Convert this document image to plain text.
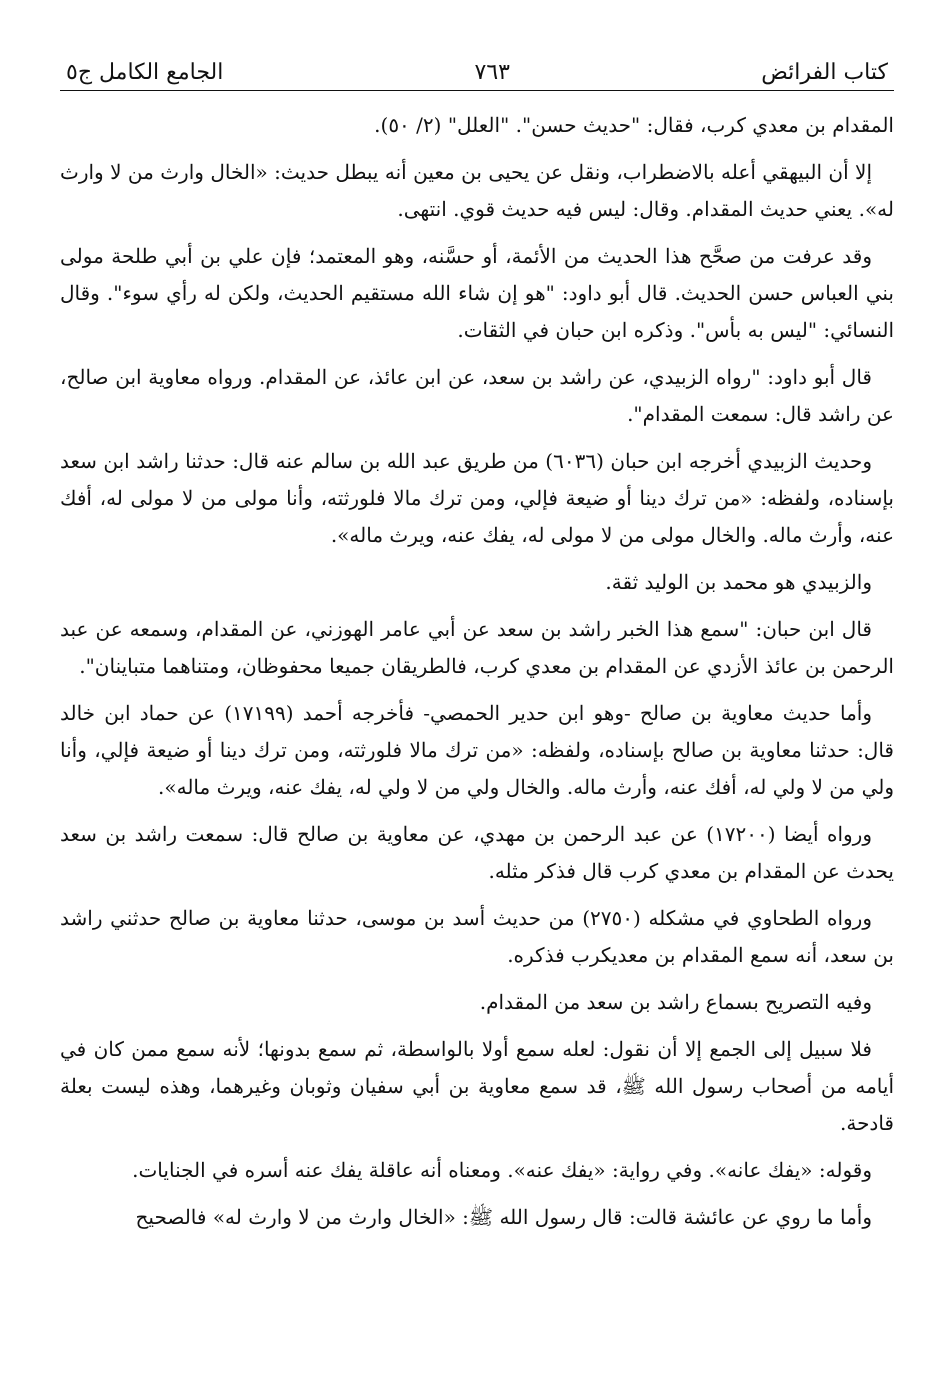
كتاب الفرائض
٧٦٣
الجامع الكامل ج٥

المقدام بن معدي كرب، فقال: "حديث حسن". "العلل" (٢/ ٥٠).

إلا أن البيهقي أعله بالاضطراب، ونقل عن يحيى بن معين أنه يبطل حديث: «الخال وارث من لا وارث له». يعني حديث المقدام. وقال: ليس فيه حديث قوي. انتهى.

وقد عرفت من صحَّح هذا الحديث من الأئمة، أو حسَّنه، وهو المعتمد؛ فإن علي بن أبي طلحة مولى بني العباس حسن الحديث. قال أبو داود: "هو إن شاء الله مستقيم الحديث، ولكن له رأي سوء". وقال النسائي: "ليس به بأس". وذكره ابن حبان في الثقات.

قال أبو داود: "رواه الزبيدي، عن راشد بن سعد، عن ابن عائذ، عن المقدام. ورواه معاوية ابن صالح، عن راشد قال: سمعت المقدام".

وحديث الزبيدي أخرجه ابن حبان (٦٠٣٦) من طريق عبد الله بن سالم عنه قال: حدثنا راشد ابن سعد بإسناده، ولفظه: «من ترك دينا أو ضيعة فإلي، ومن ترك مالا فلورثته، وأنا مولى من لا مولى له، أفك عنه، وأرث ماله. والخال مولى من لا مولى له، يفك عنه، ويرث ماله».

والزبيدي هو محمد بن الوليد ثقة.

قال ابن حبان: "سمع هذا الخبر راشد بن سعد عن أبي عامر الهوزني، عن المقدام، وسمعه عن عبد الرحمن بن عائذ الأزدي عن المقدام بن معدي كرب، فالطريقان جميعا محفوظان، ومتناهما متباينان".

وأما حديث معاوية بن صالح -وهو ابن حدير الحمصي- فأخرجه أحمد (١٧١٩٩) عن حماد ابن خالد قال: حدثنا معاوية بن صالح بإسناده، ولفظه: «من ترك مالا فلورثته، ومن ترك دينا أو ضيعة فإلي، وأنا ولي من لا ولي له، أفك عنه، وأرث ماله. والخال ولي من لا ولي له، يفك عنه، ويرث ماله».

ورواه أيضا (١٧٢٠٠) عن عبد الرحمن بن مهدي، عن معاوية بن صالح قال: سمعت راشد بن سعد يحدث عن المقدام بن معدي كرب قال فذكر مثله.

ورواه الطحاوي في مشكله (٢٧٥٠) من حديث أسد بن موسى، حدثنا معاوية بن صالح حدثني راشد بن سعد، أنه سمع المقدام بن معديكرب فذكره.

وفيه التصريح بسماع راشد بن سعد من المقدام.

فلا سبيل إلى الجمع إلا أن نقول: لعله سمع أولا بالواسطة، ثم سمع بدونها؛ لأنه سمع ممن كان في أيامه من أصحاب رسول الله ﷺ، قد سمع معاوية بن أبي سفيان وثوبان وغيرهما، وهذه ليست بعلة قادحة.

وقوله: «يفك عانه». وفي رواية: «يفك عنه». ومعناه أنه عاقلة يفك عنه أسره في الجنايات.

وأما ما روي عن عائشة قالت: قال رسول الله ﷺ: «الخال وارث من لا وارث له» فالصحيح
